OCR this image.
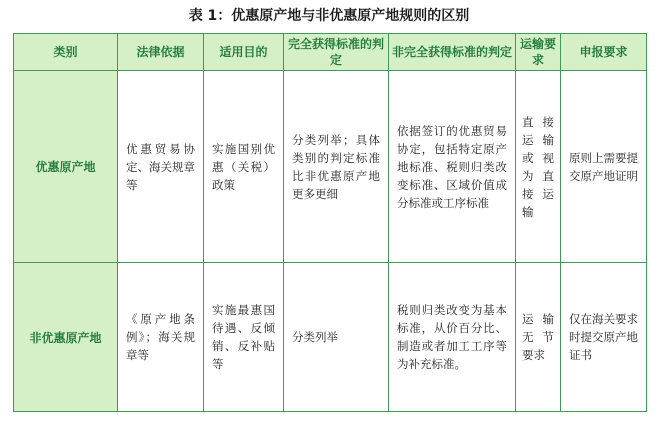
表 1：优惠原产地与非优惠原产地规则的区别
类别	法律依据	适用目的	完全获得标准的判定	非完全获得标准的判定	运输要求	申报要求
优惠原产地	优惠贸易协定、海关规章等	实施国别优惠（关税）政策	分类列举；具体类别的判定标准比非优惠原产地更多更细	依据签订的优惠贸易协定，包括特定原产地标准、税则归类改变标准、区域价值成分标准或工序标准	直接运输或视为直接运输	原则上需要提交原产地证明
非优惠原产地	《原产地条例》；海关规章等	实施最惠国待遇、反倾销、反补贴等	分类列举	税则归类改变为基本标准，从价百分比、制造或者加工工序等为补充标准。	运输无节要求	仅在海关要求时提交原产地证书
